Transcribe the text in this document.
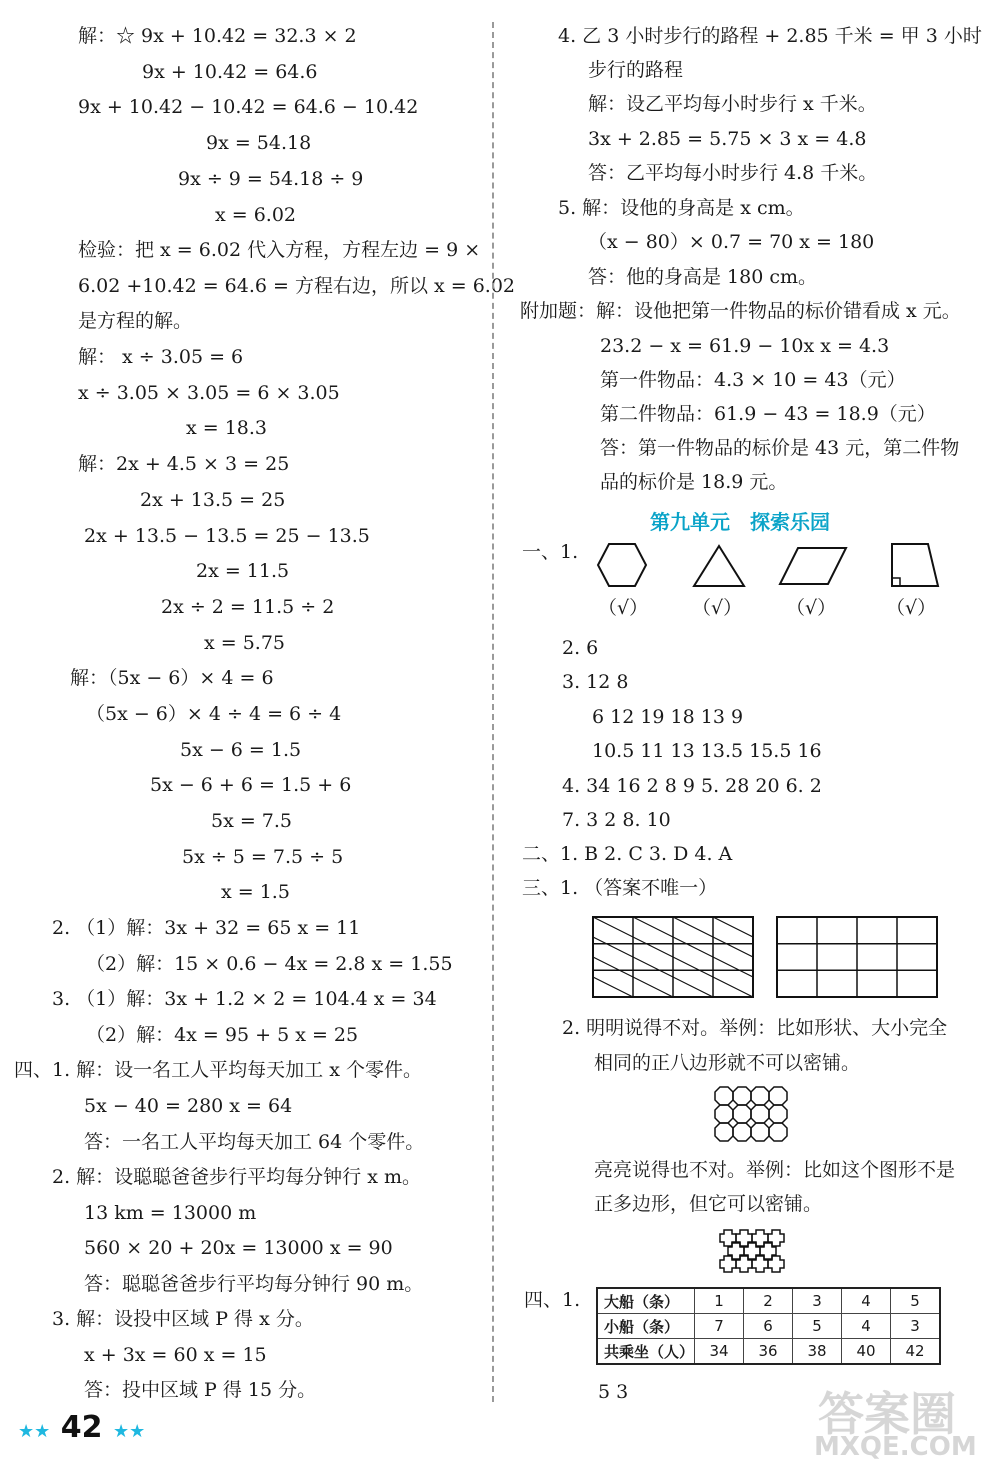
解：☆ 9x + 10.42 = 32.3 × 2
9x + 10.42 = 64.6
9x + 10.42 − 10.42 = 64.6 − 10.42
9x = 54.18
9x ÷ 9 = 54.18 ÷ 9
x = 6.02
检验：把 x = 6.02 代入方程，方程左边 = 9 ×
6.02 +10.42 = 64.6 = 方程右边，所以 x = 6.02
是方程的解。
解： x ÷ 3.05 = 6
x ÷ 3.05 × 3.05 = 6 × 3.05
x = 18.3
解：2x + 4.5 × 3 = 25
2x + 13.5 = 25
2x + 13.5 − 13.5 = 25 − 13.5
2x = 11.5
2x ÷ 2 = 11.5 ÷ 2
x = 5.75
解：（5x − 6）× 4 = 6
（5x − 6）× 4 ÷ 4 = 6 ÷ 4
5x − 6 = 1.5
5x − 6 + 6 = 1.5 + 6
5x = 7.5
5x ÷ 5 = 7.5 ÷ 5
x = 1.5
2. （1）解：3x + 32 = 65 x = 11
（2）解：15 × 0.6 − 4x = 2.8 x = 1.55
3. （1）解：3x + 1.2 × 2 = 104.4 x = 34
（2）解：4x = 95 + 5 x = 25
四、1. 解：设一名工人平均每天加工 x 个零件。
5x − 40 = 280 x = 64
答：一名工人平均每天加工 64 个零件。
2. 解：设聪聪爸爸步行平均每分钟行 x m。
13 km = 13000 m
560 × 20 + 20x = 13000 x = 90
答：聪聪爸爸步行平均每分钟行 90 m。
3. 解：设投中区域 P 得 x 分。
x + 3x = 60 x = 15
答：投中区域 P 得 15 分。
4. 乙 3 小时步行的路程 + 2.85 千米 = 甲 3 小时
步行的路程
解：设乙平均每小时步行 x 千米。
3x + 2.85 = 5.75 × 3 x = 4.8
答：乙平均每小时步行 4.8 千米。
5. 解：设他的身高是 x cm。
（x − 80）× 0.7 = 70 x = 180
答：他的身高是 180 cm。
附加题：解：设他把第一件物品的标价错看成 x 元。
23.2 − x = 61.9 − 10x x = 4.3
第一件物品：4.3 × 10 = 43（元）
第二件物品：61.9 − 43 = 18.9（元）
答：第一件物品的标价是 43 元，第二件物
品的标价是 18.9 元。
第九单元　探索乐园
一、1.
（√） （√） （√）	（√）
2. 6
3. 12 8
6 12 19 18 13 9
10.5 11 13 13.5 15.5 16
4. 34 16 2 8 9 5. 28 20 6. 2
7. 3 2 8. 10
二、1. B 2. C 3. D 4. A
三、1. （答案不唯一）
2. 明明说得不对。举例：比如形状、大小完全
相同的正八边形就不可以密铺。
亮亮说得也不对。举例：比如这个图形不是
正多边形，但它可以密铺。
四、1. 大船（条）	1	2	3	4	5
小船（条）	7	6	5	4	3
共乘坐（人）	34	36	38	40	42
5 3
★★ 42 ★★	答案圈
MXQE.COM
